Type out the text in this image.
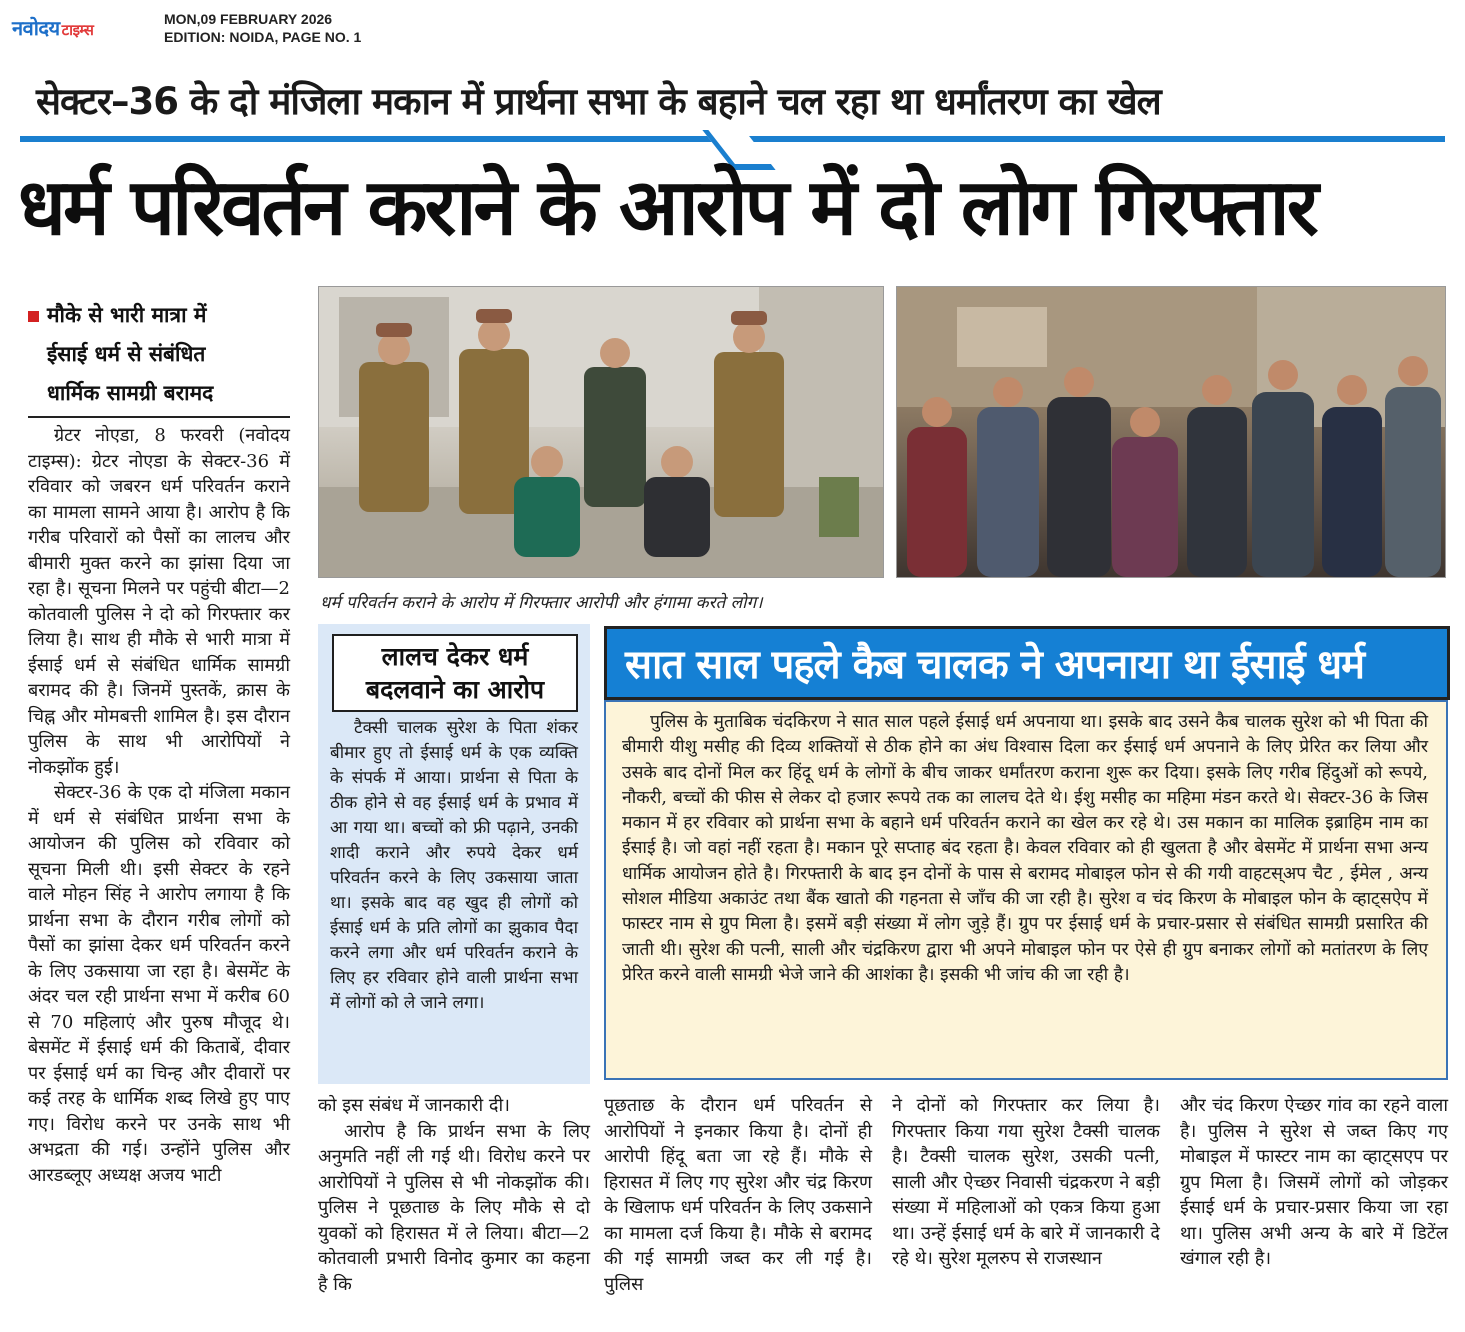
नवोदय टाइम्स
MON,09 FEBRUARY 2026
EDITION: NOIDA, PAGE NO. 1
सेक्टर–36 के दो मंजिला मकान में प्रार्थना सभा के बहाने चल रहा था धर्मांतरण का खेल
धर्म परिवर्तन कराने के आरोप में दो लोग गिरफ्तार
मौके से भारी मात्रा में
ईसाई धर्म से संबंधित
धार्मिक सामग्री बरामद

ग्रेटर नोएडा, 8 फरवरी (नवोदय टाइम्स): ग्रेटर नोएडा के सेक्टर-36 में रविवार को जबरन धर्म परिवर्तन कराने का मामला सामने आया है। आरोप है कि गरीब परिवारों को पैसों का लालच और बीमारी मुक्त करने का झांसा दिया जा रहा है। सूचना मिलने पर पहुंची बीटा—2 कोतवाली पुलिस ने दो को गिरफ्तार कर लिया है। साथ ही मौके से भारी मात्रा में ईसाई धर्म से संबंधित धार्मिक सामग्री बरामद की है। जिनमें पुस्तकें, क्रास के चिह्न और मोमबत्ती शामिल है। इस दौरान पुलिस के साथ भी आरोपियों ने नोकझोंक हुई।

सेक्टर-36 के एक दो मंजिला मकान में धर्म से संबंधित प्रार्थना सभा के आयोजन की पुलिस को रविवार को सूचना मिली थी। इसी सेक्टर के रहने वाले मोहन सिंह ने आरोप लगाया है कि प्रार्थना सभा के दौरान गरीब लोगों को पैसों का झांसा देकर धर्म परिवर्तन करने के लिए उकसाया जा रहा है। बेसमेंट के अंदर चल रही प्रार्थना सभा में करीब 60 से 70 महिलाएं और पुरुष मौजूद थे। बेसमेंट में ईसाई धर्म की किताबें, दीवार पर ईसाई धर्म का चिन्ह और दीवारों पर कई तरह के धार्मिक शब्द लिखे हुए पाए गए। विरोध करने पर उनके साथ भी अभद्रता की गई। उन्होंने पुलिस और आरडब्लूए अध्यक्ष अजय भाटी

धर्म परिवर्तन कराने के आरोप में गिरफ्तार आरोपी और हंगामा करते लोग।
लालच देकर धर्म
बदलवाने का आरोप
टैक्सी चालक सुरेश के पिता शंकर बीमार हुए तो ईसाई धर्म के एक व्यक्ति के संपर्क में आया। प्रार्थना से पिता के ठीक होने से वह ईसाई धर्म के प्रभाव में आ गया था। बच्चों को फ्री पढ़ाने, उनकी शादी कराने और रुपये देकर धर्म परिवर्तन करने के लिए उकसाया जाता था। इसके बाद वह खुद ही लोगों को ईसाई धर्म के प्रति लोगों का झुकाव पैदा करने लगा और धर्म परिवर्तन कराने के लिए हर रविवार होने वाली प्रार्थना सभा में लोगों को ले जाने लगा।
सात साल पहले कैब चालक ने अपनाया था ईसाई धर्म
पुलिस के मुताबिक चंदकिरण ने सात साल पहले ईसाई धर्म अपनाया था। इसके बाद उसने कैब चालक सुरेश को भी पिता की बीमारी यीशु मसीह की दिव्य शक्तियों से ठीक होने का अंध विश्वास दिला कर ईसाई धर्म अपनाने के लिए प्रेरित कर लिया और उसके बाद दोनों मिल कर हिंदू धर्म के लोगों के बीच जाकर धर्मांतरण कराना शुरू कर दिया। इसके लिए गरीब हिंदुओं को रूपये, नौकरी, बच्चों की फीस से लेकर दो हजार रूपये तक का लालच देते थे। ईशु मसीह का महिमा मंडन करते थे। सेक्टर-36 के जिस मकान में हर रविवार को प्रार्थना सभा के बहाने धर्म परिवर्तन कराने का खेल कर रहे थे। उस मकान का मालिक इब्राहिम नाम का ईसाई है। जो वहां नहीं रहता है। मकान पूरे सप्ताह बंद रहता है। केवल रविवार को ही खुलता है और बेसमेंट में प्रार्थना सभा अन्य धार्मिक आयोजन होते है। गिरफ्तारी के बाद इन दोनों के पास से बरामद मोबाइल फोन से की गयी वाहटस्अप चैट , ईमेल , अन्य सोशल मीडिया अकाउंट तथा बैंक खातो की गहनता से जाँच की जा रही है। सुरेश व चंद किरण के मोबाइल फोन के व्हाट्सऐप में फास्टर नाम से ग्रुप मिला है। इसमें बड़ी संख्या में लोग जुड़े हैं। ग्रुप पर ईसाई धर्म के प्रचार-प्रसार से संबंधित सामग्री प्रसारित की जाती थी। सुरेश की पत्नी, साली और चंद्रकिरण द्वारा भी अपने मोबाइल फोन पर ऐसे ही ग्रुप बनाकर लोगों को मतांतरण के लिए प्रेरित करने वाली सामग्री भेजे जाने की आशंका है। इसकी भी जांच की जा रही है।

को इस संबंध में जानकारी दी।

आरोप है कि प्रार्थन सभा के लिए अनुमति नहीं ली गई थी। विरोध करने पर आरोपियों ने पुलिस से भी नोकझोंक की। पुलिस ने पूछताछ के लिए मौके से दो युवकों को हिरासत में ले लिया। बीटा—2 कोतवाली प्रभारी विनोद कुमार का कहना है कि

पूछताछ के दौरान धर्म परिवर्तन से आरोपियों ने इनकार किया है। दोनों ही आरोपी हिंदू बता जा रहे हैं। मौके से हिरासत में लिए गए सुरेश और चंद्र किरण के खिलाफ धर्म परिवर्तन के लिए उकसाने का मामला दर्ज किया है। मौके से बरामद की गई सामग्री जब्त कर ली गई है। पुलिस

ने दोनों को गिरफ्तार कर लिया है। गिरफ्तार किया गया सुरेश टैक्सी चालक है। टैक्सी चालक सुरेश, उसकी पत्नी, साली और ऐच्छर निवासी चंद्रकरण ने बड़ी संख्या में महिलाओं को एकत्र किया हुआ था। उन्हें ईसाई धर्म के बारे में जानकारी दे रहे थे। सुरेश मूलरुप से राजस्थान

और चंद किरण ऐच्छर गांव का रहने वाला है। पुलिस ने सुरेश से जब्त किए गए मोबाइल में फास्टर नाम का व्हाट्सएप पर ग्रुप मिला है। जिसमें लोगों को जोड़कर ईसाई धर्म के प्रचार-प्रसार किया जा रहा था। पुलिस अभी अन्य के बारे में डिटेंल खंगाल रही है।
